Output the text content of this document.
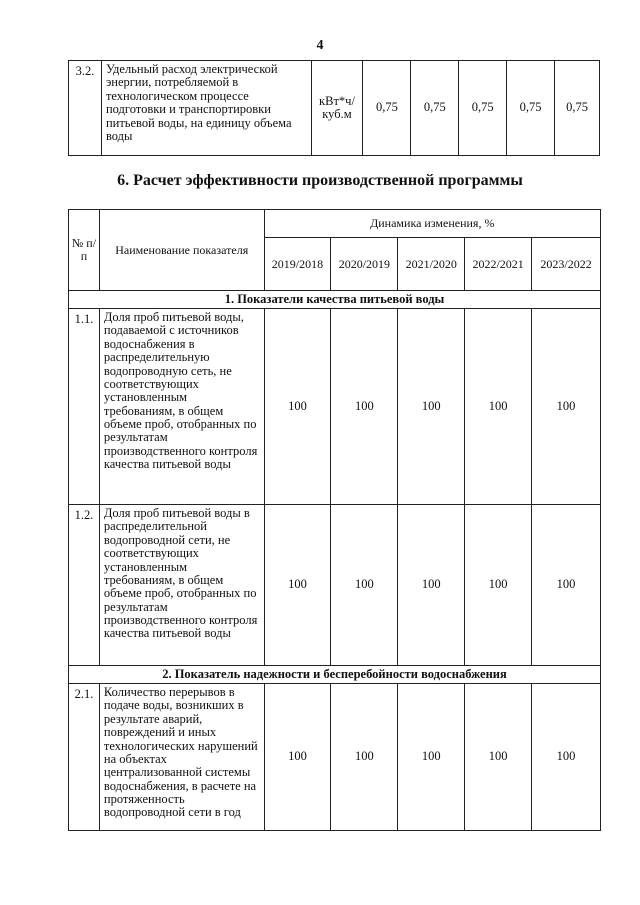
4
3.2.	Удельный расход электрической энергии, потребляемой в технологическом процессе подготовки и транспортировки питьевой воды, на единицу объема воды	кВт*ч/ куб.м	0,75	0,75	0,75	0,75	0,75
6. Расчет эффективности производственной программы
№ п/п	Наименование показателя	Динамика изменения, %				
		2019/2018	2020/2019	2021/2020	2022/2021	2023/2022
1. Показатели качества питьевой воды						
1.1.	Доля проб питьевой воды, подаваемой с источников водоснабжения в распределительную водопроводную сеть, не соответствующих установленным требованиям, в общем объеме проб, отобранных по результатам производственного контроля качества питьевой воды	100	100	100	100	100
1.2.	Доля проб питьевой воды в распределительной водопроводной сети, не соответствующих установленным требованиям, в общем объеме проб, отобранных по результатам производственного контроля качества питьевой воды	100	100	100	100	100
2. Показатель надежности и бесперебойности водоснабжения						
2.1.	Количество перерывов в подаче воды, возникших в результате аварий, повреждений и иных технологических нарушений на объектах централизованной системы водоснабжения, в расчете на протяженность водопроводной сети в год	100	100	100	100	100
